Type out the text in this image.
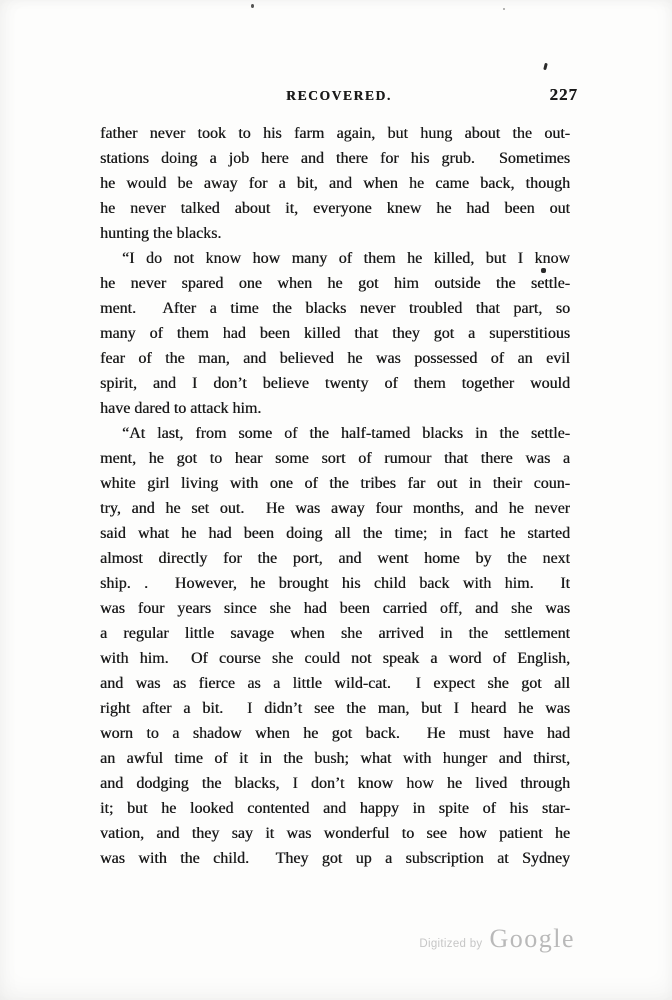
RECOVERED.	227
father never took to his farm again, but hung about the out-
stations doing a job here and there for his grub.  Sometimes
he would be away for a bit, and when he came back, though
he never talked about it, everyone knew he had been out
hunting the blacks.
“I do not know how many of them he killed, but I know
he never spared one when he got him outside the settle-
ment.  After a time the blacks never troubled that part, so
many of them had been killed that they got a superstitious
fear of the man, and believed he was possessed of an evil
spirit, and I don’t believe twenty of them together would
have dared to attack him.
“At last, from some of the half-tamed blacks in the settle-
ment, he got to hear some sort of rumour that there was a
white girl living with one of the tribes far out in their coun-
try, and he set out.  He was away four months, and he never
said what he had been doing all the time; in fact he started
almost directly for the port, and went home by the next
ship. .  However, he brought his child back with him.  It
was four years since she had been carried off, and she was
a regular little savage when she arrived in the settlement
with him.  Of course she could not speak a word of English,
and was as fierce as a little wild-cat.  I expect she got all
right after a bit.  I didn’t see the man, but I heard he was
worn to a shadow when he got back.  He must have had
an awful time of it in the bush; what with hunger and thirst,
and dodging the blacks, I don’t know how he lived through
it; but he looked contented and happy in spite of his star-
vation, and they say it was wonderful to see how patient he
was with the child.  They got up a subscription at Sydney
Digitized by Google
